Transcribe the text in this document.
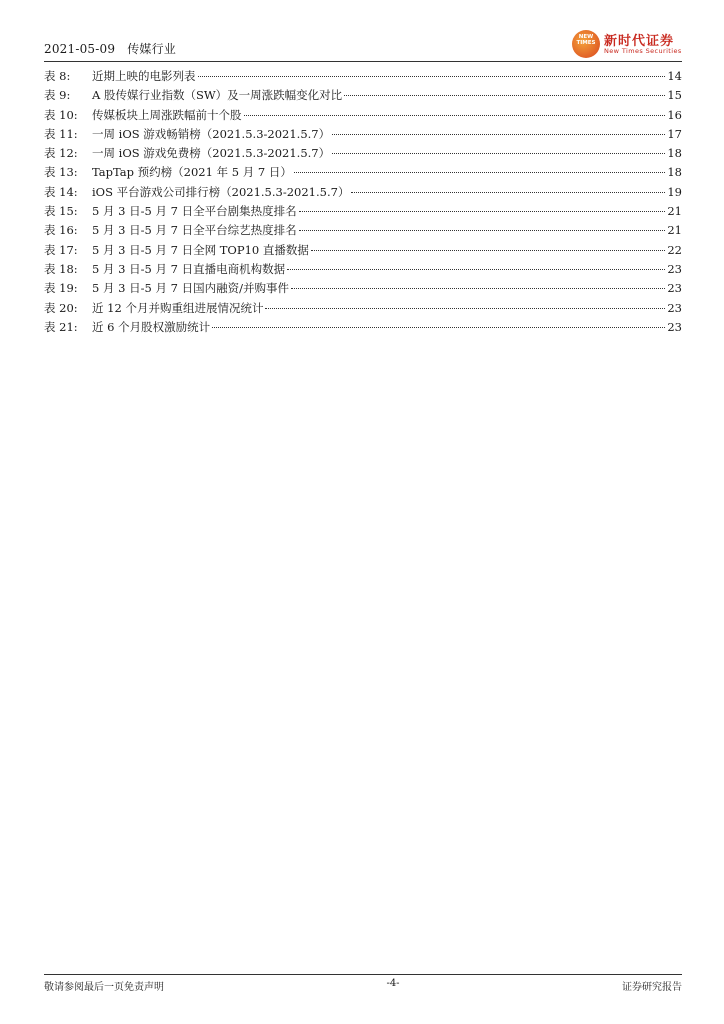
2021-05-09 传媒行业
NEW TIMES 新时代证券
New Times Securities
表 8:	近期上映的电影列表	14
表 9:	A 股传媒行业指数（SW）及一周涨跌幅变化对比	15
表 10:	传媒板块上周涨跌幅前十个股	16
表 11:	一周 iOS 游戏畅销榜（2021.5.3-2021.5.7）	17
表 12:	一周 iOS 游戏免费榜（2021.5.3-2021.5.7）	18
表 13:	TapTap 预约榜（2021 年 5 月 7 日）	18
表 14:	iOS 平台游戏公司排行榜（2021.5.3-2021.5.7）	19
表 15:	5 月 3 日-5 月 7 日全平台剧集热度排名	21
表 16:	5 月 3 日-5 月 7 日全平台综艺热度排名	21
表 17:	5 月 3 日-5 月 7 日全网 TOP10 直播数据	22
表 18:	5 月 3 日-5 月 7 日直播电商机构数据	23
表 19:	5 月 3 日-5 月 7 日国内融资/并购事件	23
表 20:	近 12 个月并购重组进展情况统计	23
表 21:	近 6 个月股权激励统计	23
敬请参阅最后一页免责声明	-4-	证券研究报告
